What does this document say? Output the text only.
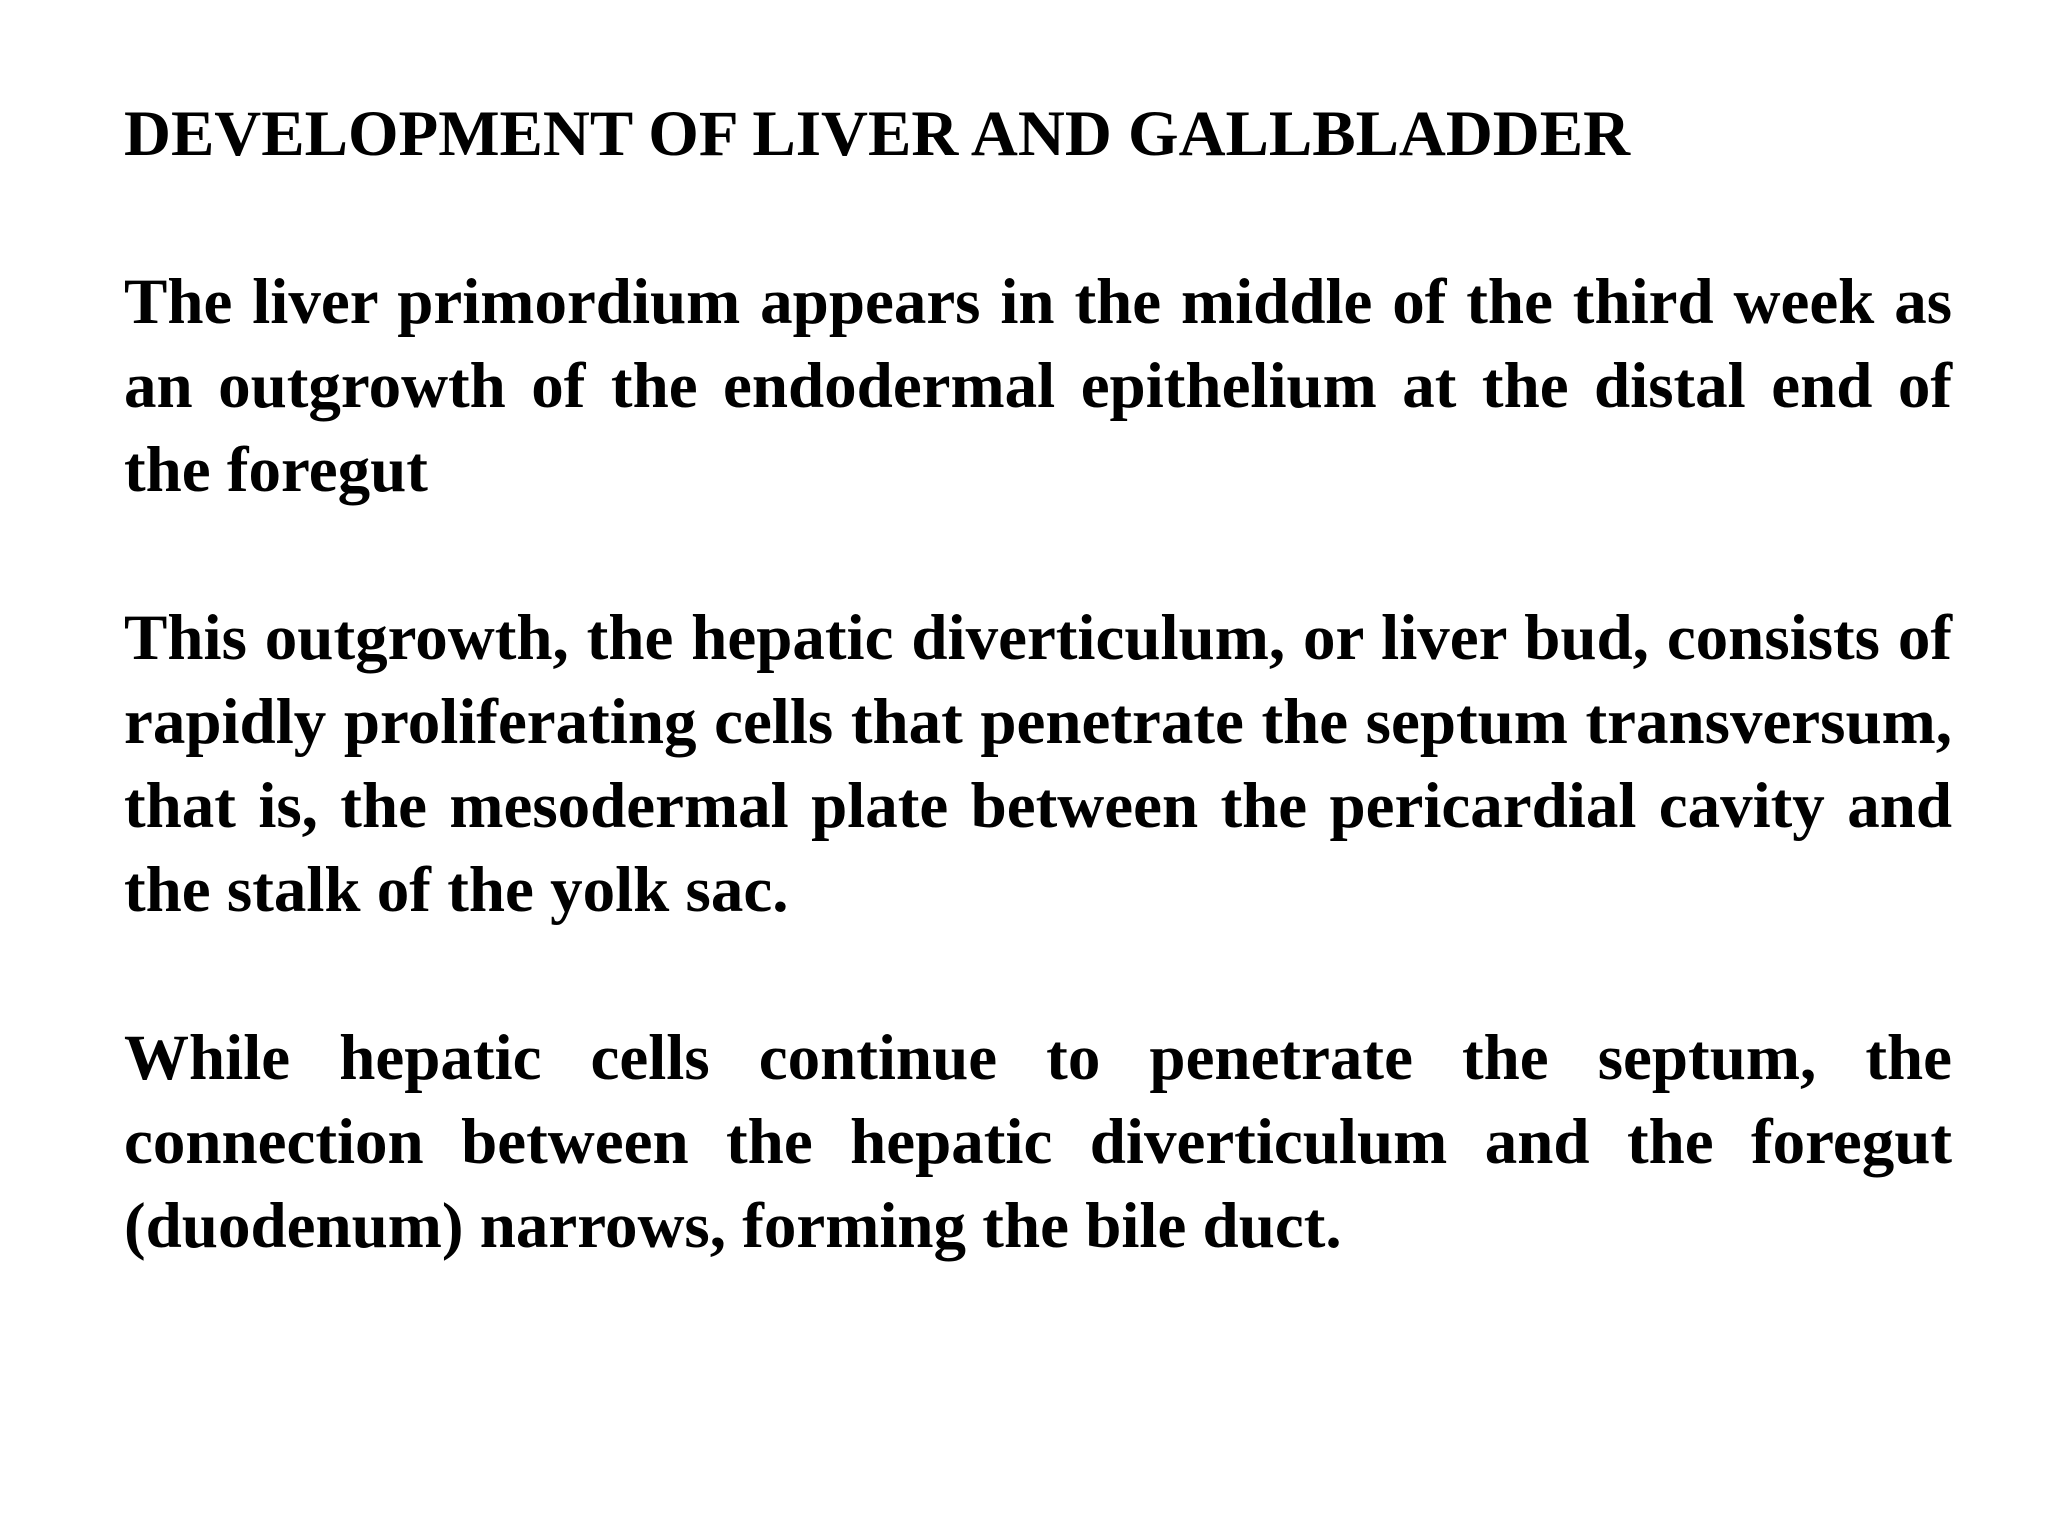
DEVELOPMENT OF LIVER AND GALLBLADDER

The liver primordium appears in the middle of the third week as an outgrowth of the endodermal epithelium at the distal end of the foregut

This outgrowth, the hepatic diverticulum, or liver bud, consists of rapidly proliferating cells that penetrate the septum transversum, that is, the mesodermal plate between the pericardial cavity and the stalk of the yolk sac.

While hepatic cells continue to penetrate the septum, the connection between the hepatic diverticulum and the foregut (duodenum) narrows, forming the bile duct.
